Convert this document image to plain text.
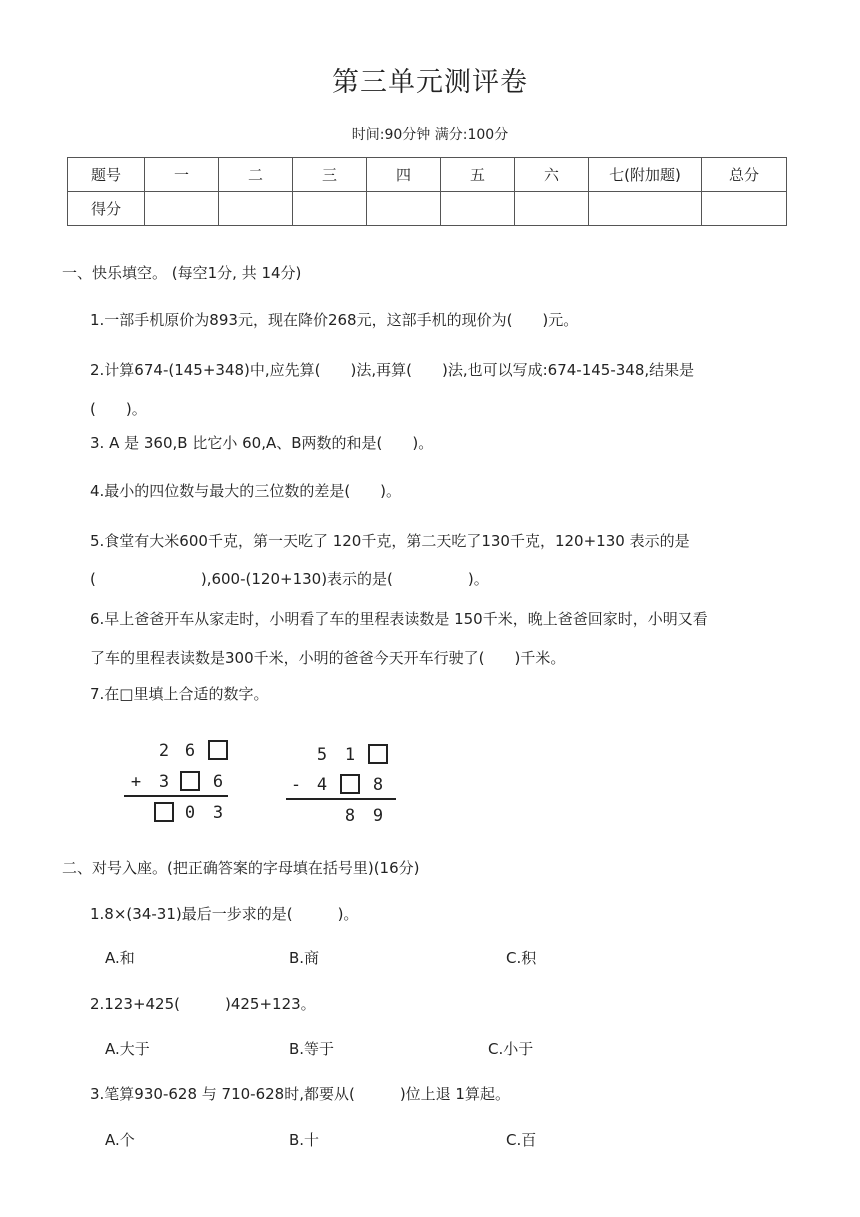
第三单元测评卷
时间:90分钟 满分:100分
题号	一	二	三	四	五	六	七(附加题)	总分
得分								
一、快乐填空。 (每空1分, 共 14分)
1.一部手机原价为893元，现在降价268元，这部手机的现价为(　　)元。
2.计算674-(145+348)中,应先算(　　)法,再算(　　)法,也可以写成:674-145-348,结果是
(　　)。
3. A 是 360,B 比它小 60,A、B两数的和是(　　)。
4.最小的四位数与最大的三位数的差是(　　)。
5.食堂有大米600千克，第一天吃了 120千克，第二天吃了130千克，120+130 表示的是
(　　　　　　　),600-(120+130)表示的是(　　　　　)。
6.早上爸爸开车从家走时，小明看了车的里程表读数是 150千米，晚上爸爸回家时，小明又看
了车的里程表读数是300千米，小明的爸爸今天开车行驶了(　　)千米。
7.在□里填上合适的数字。
2 6
+ 3	6
0 3
5 1
- 4	8
8 9
二、对号入座。(把正确答案的字母填在括号里)(16分)
1.8×(34-31)最后一步求的是(　　　)。
A.和	B.商	C.积
2.123+425(　　　)425+123。
A.大于	B.等于	C.小于
3.笔算930-628 与 710-628时,都要从(　　　)位上退 1算起。
A.个	B.十	C.百
